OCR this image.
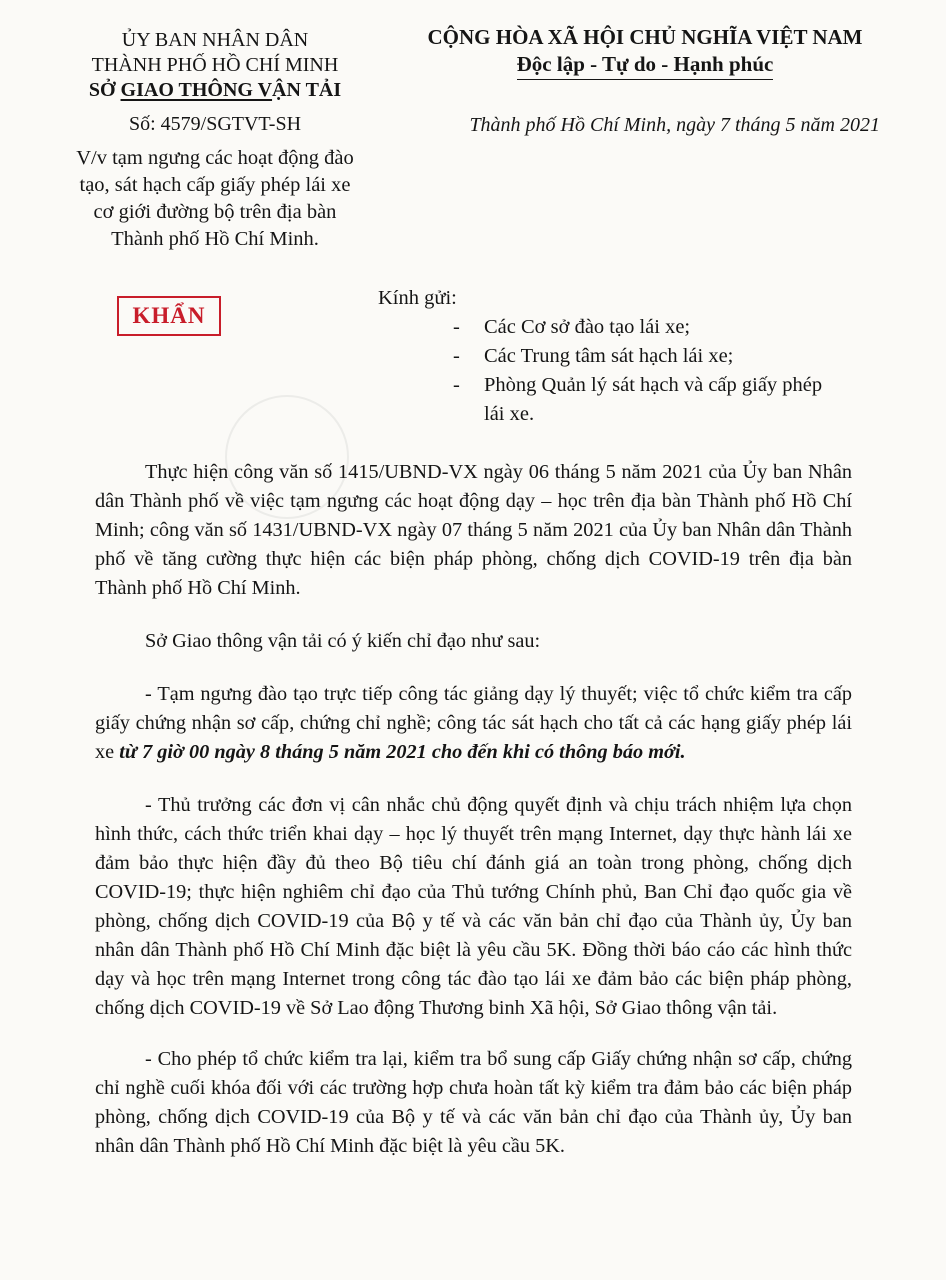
ỦY BAN NHÂN DÂN
THÀNH PHỐ HỒ CHÍ MINH
SỞ GIAO THÔNG VẬN TẢI
CỘNG HÒA XÃ HỘI CHỦ NGHĨA VIỆT NAM
Độc lập - Tự do - Hạnh phúc
Số: 4579/SGTVT-SH	Thành phố Hồ Chí Minh, ngày 7 tháng 5 năm 2021
V/v tạm ngưng các hoạt động đào
tạo, sát hạch cấp giấy phép lái xe
cơ giới đường bộ trên địa bàn
Thành phố Hồ Chí Minh.
KHẨN
Kính gửi:
-	Các Cơ sở đào tạo lái xe;
-	Các Trung tâm sát hạch lái xe;
-	Phòng Quản lý sát hạch và cấp giấy phép lái xe.

Thực hiện công văn số 1415/UBND-VX ngày 06 tháng 5 năm 2021 của Ủy ban Nhân dân Thành phố về việc tạm ngưng các hoạt động dạy – học trên địa bàn Thành phố Hồ Chí Minh; công văn số 1431/UBND-VX ngày 07 tháng 5 năm 2021 của Ủy ban Nhân dân Thành phố về tăng cường thực hiện các biện pháp phòng, chống dịch COVID-19 trên địa bàn Thành phố Hồ Chí Minh.

Sở Giao thông vận tải có ý kiến chỉ đạo như sau:

- Tạm ngưng đào tạo trực tiếp công tác giảng dạy lý thuyết; việc tổ chức kiểm tra cấp giấy chứng nhận sơ cấp, chứng chỉ nghề; công tác sát hạch cho tất cả các hạng giấy phép lái xe từ 7 giờ 00 ngày 8 tháng 5 năm 2021 cho đến khi có thông báo mới.

- Thủ trưởng các đơn vị cân nhắc chủ động quyết định và chịu trách nhiệm lựa chọn hình thức, cách thức triển khai dạy – học lý thuyết trên mạng Internet, dạy thực hành lái xe đảm bảo thực hiện đầy đủ theo Bộ tiêu chí đánh giá an toàn trong phòng, chống dịch COVID-19; thực hiện nghiêm chỉ đạo của Thủ tướng Chính phủ, Ban Chỉ đạo quốc gia về phòng, chống dịch COVID-19 của Bộ y tế và các văn bản chỉ đạo của Thành ủy, Ủy ban nhân dân Thành phố Hồ Chí Minh đặc biệt là yêu cầu 5K. Đồng thời báo cáo các hình thức dạy và học trên mạng Internet trong công tác đào tạo lái xe đảm bảo các biện pháp phòng, chống dịch COVID-19 về Sở Lao động Thương binh Xã hội, Sở Giao thông vận tải.

- Cho phép tổ chức kiểm tra lại, kiểm tra bổ sung cấp Giấy chứng nhận sơ cấp, chứng chỉ nghề cuối khóa đối với các trường hợp chưa hoàn tất kỳ kiểm tra đảm bảo các biện pháp phòng, chống dịch COVID-19 của Bộ y tế và các văn bản chỉ đạo của Thành ủy, Ủy ban nhân dân Thành phố Hồ Chí Minh đặc biệt là yêu cầu 5K.
